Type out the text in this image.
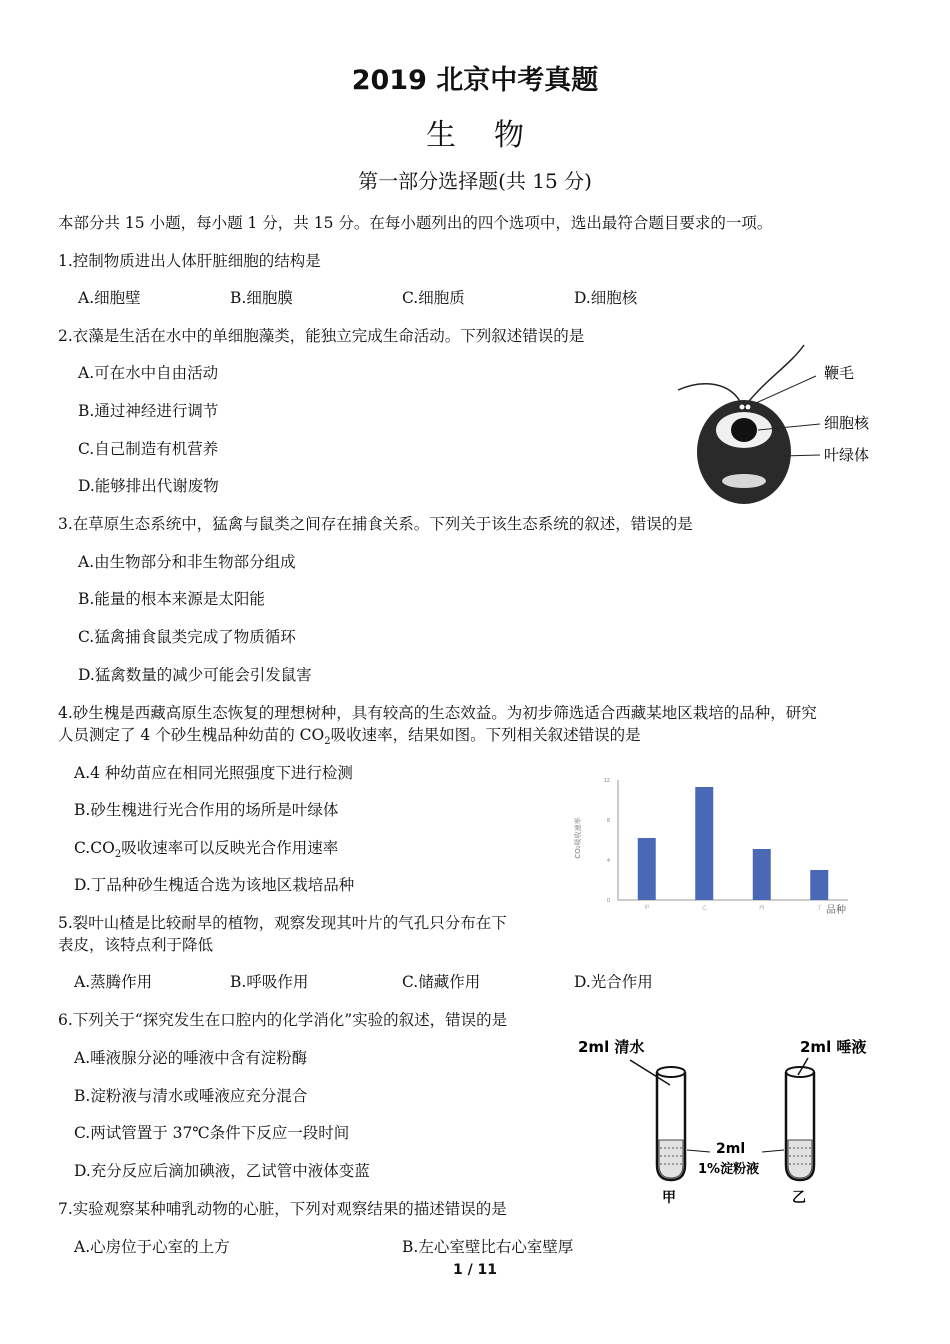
2019 北京中考真题
生物
第一部分选择题(共 15 分)
本部分共 15 小题，每小题 1 分，共 15 分。在每小题列出的四个选项中，选出最符合题目要求的一项。
1.控制物质进出人体肝脏细胞的结构是
A.细胞壁	B.细胞膜	C.细胞质	D.细胞核
2.衣藻是生活在水中的单细胞藻类，能独立完成生命活动。下列叙述错误的是
A.可在水中自由活动
B.通过神经进行调节
C.自己制造有机营养
D.能够排出代谢废物
鞭毛
细胞核
叶绿体
3.在草原生态系统中，猛禽与鼠类之间存在捕食关系。下列关于该生态系统的叙述，错误的是
A.由生物部分和非生物部分组成
B.能量的根本来源是太阳能
C.猛禽捕食鼠类完成了物质循环
D.猛禽数量的减少可能会引发鼠害
4.砂生槐是西藏高原生态恢复的理想树种，具有较高的生态效益。为初步筛选适合西藏某地区栽培的品种，研究
人员测定了 4 个砂生槐品种幼苗的 $CO_2$吸收速率，结果如图。下列相关叙述错误的是
A.4 种幼苗应在相同光照强度下进行检测
B.砂生槐进行光合作用的场所是叶绿体
$C.CO_2$吸收速率可以反映光合作用速率
D.丁品种砂生槐适合选为该地区栽培品种
CO₂吸收速率
甲	乙	丙	丁 品种
0
4
8
12
5.裂叶山楂是比较耐旱的植物，观察发现其叶片的气孔只分布在下
表皮，该特点利于降低
A.蒸腾作用	B.呼吸作用	C.储藏作用	D.光合作用
6.下列关于“探究发生在口腔内的化学消化”实验的叙述，错误的是
A.唾液腺分泌的唾液中含有淀粉酶
B.淀粉液与清水或唾液应充分混合
C.两试管置于 37℃条件下反应一段时间
D.充分反应后滴加碘液，乙试管中液体变蓝
2ml 清水	2ml 唾液
2ml
1%淀粉液
甲	乙
7.实验观察某种哺乳动物的心脏，下列对观察结果的描述错误的是
A.心房位于心室的上方	B.左心室壁比右心室壁厚
1 / 11
